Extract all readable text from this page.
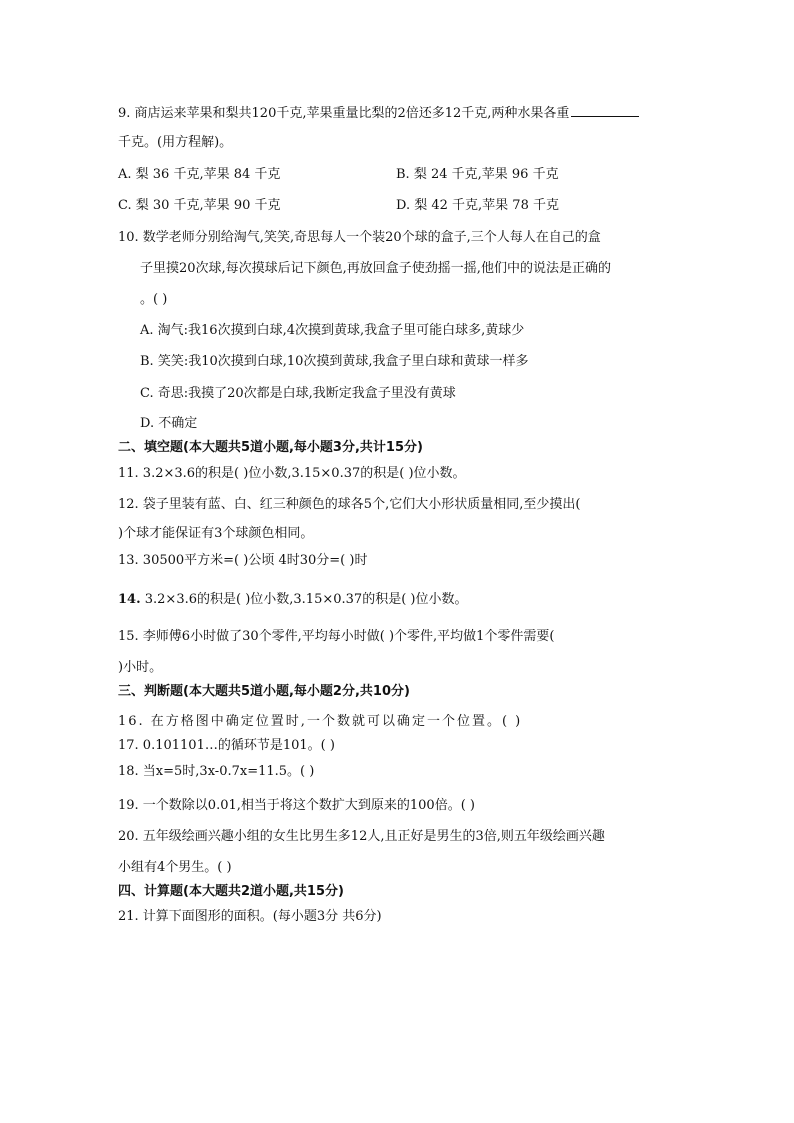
9. 商店运来苹果和梨共120千克,苹果重量比梨的2倍还多12千克,两种水果各重
千克。(用方程解)。
A. 梨 36 千克,苹果 84 千克	B. 梨 24 千克,苹果 96 千克
C. 梨 30 千克,苹果 90 千克	D. 梨 42 千克,苹果 78 千克
10. 数学老师分别给淘气,笑笑,奇思每人一个装20个球的盒子,三个人每人在自己的盒
子里摸20次球,每次摸球后记下颜色,再放回盒子使劲摇一摇,他们中的说法是正确的
。( )
A. 淘气:我16次摸到白球,4次摸到黄球,我盒子里可能白球多,黄球少
B. 笑笑:我10次摸到白球,10次摸到黄球,我盒子里白球和黄球一样多
C. 奇思:我摸了20次都是白球,我断定我盒子里没有黄球
D. 不确定
二、填空题(本大题共5道小题,每小题3分,共计15分)
11. 3.2×3.6的积是( )位小数,3.15×0.37的积是( )位小数。
12. 袋子里装有蓝、白、红三种颜色的球各5个,它们大小形状质量相同,至少摸出(
)个球才能保证有3个球颜色相同。
13. 30500平方米=( )公顷 4时30分=( )时
14. 3.2×3.6的积是( )位小数,3.15×0.37的积是( )位小数。
15. 李师傅6小时做了30个零件,平均每小时做( )个零件,平均做1个零件需要(
)小时。
三、判断题(本大题共5道小题,每小题2分,共10分)
16. 在方格图中确定位置时,一个数就可以确定一个位置。( )
17. 0.101101…的循环节是101。( )
18. 当x=5时,3x-0.7x=11.5。( )
19. 一个数除以0.01,相当于将这个数扩大到原来的100倍。( )
20. 五年级绘画兴趣小组的女生比男生多12人,且正好是男生的3倍,则五年级绘画兴趣
小组有4个男生。( )
四、计算题(本大题共2道小题,共15分)
21. 计算下面图形的面积。(每小题3分 共6分)
